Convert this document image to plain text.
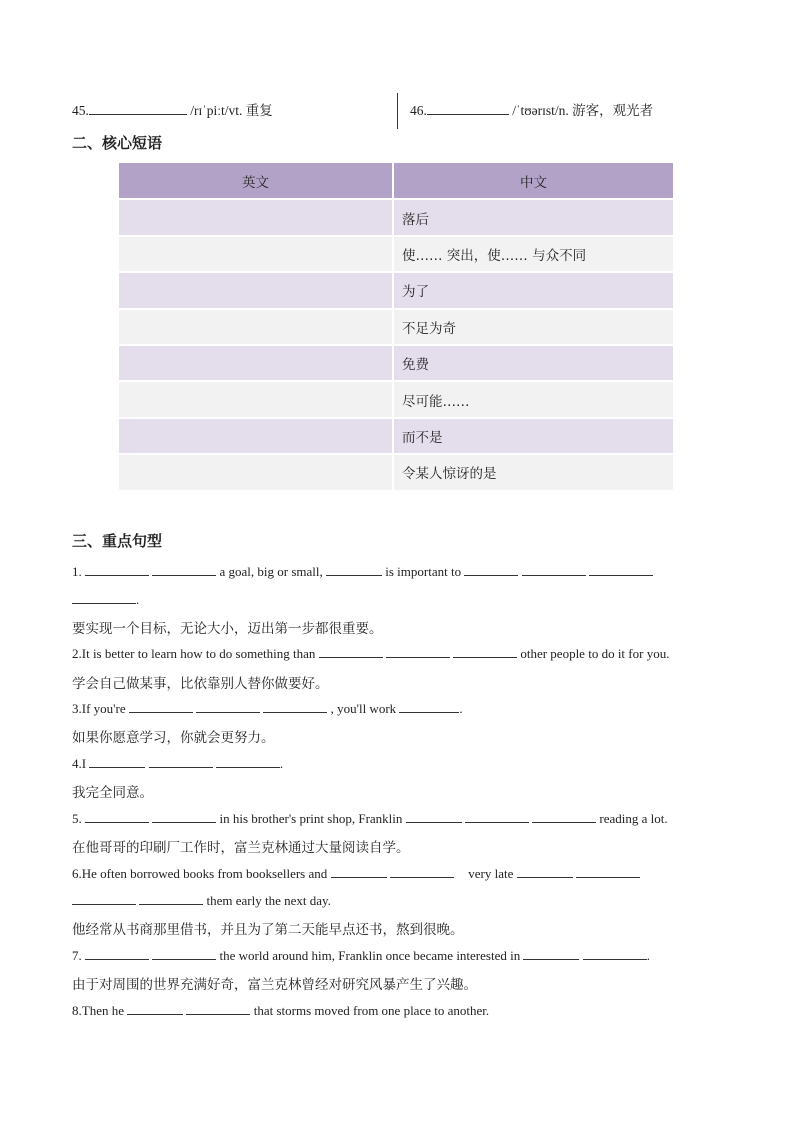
45.	/rɪˈpiːt/vt. 重复	46.	/ˈtʊərɪst/n. 游客，观光者
二、核心短语
英文	中文
	落后
	使…… 突出，使…… 与众不同
	为了
	不足为奇
	免费
	尽可能……
	而不是
	令某人惊讶的是
三、重点句型
1.	a goal, big or small,	is important to
.
要实现一个目标，无论大小，迈出第一步都很重要。
2.It is better to learn how to do something than	other people to do it for you.
学会自己做某事，比依靠别人替你做要好。
3.If you're	, you'll work	.
如果你愿意学习，你就会更努力。
4.I	.
我完全同意。
5.	in his brother's print shop, Franklin	reading a lot.
在他哥哥的印刷厂工作时，富兰克林通过大量阅读自学。
6.He often borrowed books from booksellers and	very late
them early the next day.
他经常从书商那里借书，并且为了第二天能早点还书，熬到很晚。
7.	the world around him, Franklin once became interested in	.
由于对周围的世界充满好奇，富兰克林曾经对研究风暴产生了兴趣。
8.Then he	that storms moved from one place to another.
